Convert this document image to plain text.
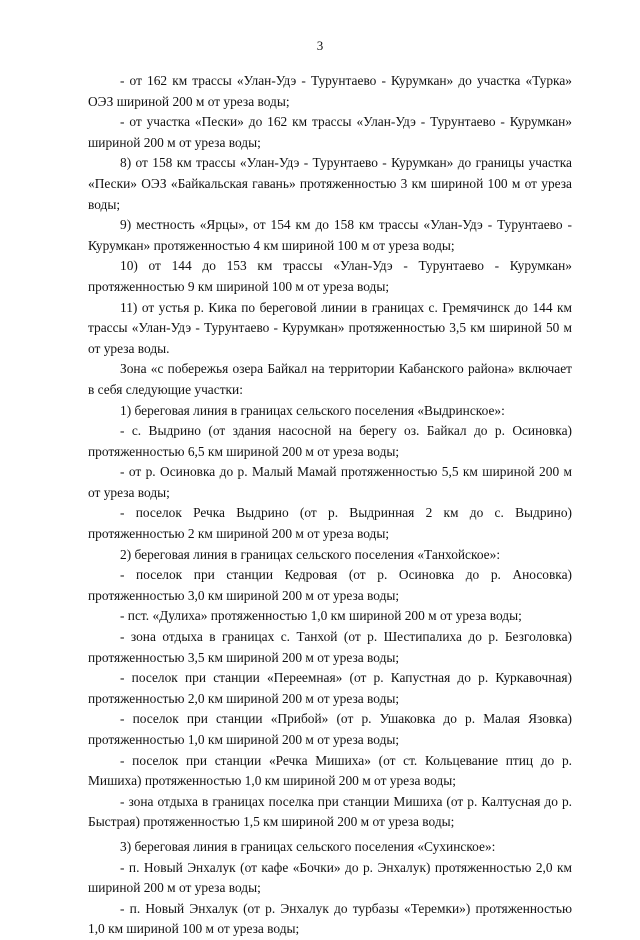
3

- от 162 км трассы «Улан-Удэ - Турунтаево - Курумкан» до участка «Турка» ОЭЗ шириной 200 м от уреза воды;

- от участка «Пески» до 162 км трассы «Улан-Удэ - Турунтаево - Курумкан» шириной 200 м от уреза воды;

8) от 158 км трассы «Улан-Удэ - Турунтаево - Курумкан» до границы участка «Пески» ОЭЗ «Байкальская гавань» протяженностью 3 км шириной 100 м от уреза воды;

9) местность «Ярцы», от 154 км до 158 км трассы «Улан-Удэ - Турунтаево - Курумкан» протяженностью 4 км шириной 100 м от уреза воды;

10) от 144 до 153 км трассы «Улан-Удэ - Турунтаево - Курумкан» протяженностью 9 км шириной 100 м от уреза воды;

11) от устья р. Кика по береговой линии в границах с. Гремячинск до 144 км трассы «Улан-Удэ - Турунтаево - Курумкан» протяженностью 3,5 км шириной 50 м от уреза воды.

Зона «с побережья озера Байкал на территории Кабанского района» включает в себя следующие участки:

1) береговая линия в границах сельского поселения «Выдринское»:

- с. Выдрино (от здания насосной на берегу оз. Байкал до р. Осиновка) протяженностью 6,5 км шириной 200 м от уреза воды;

- от р. Осиновка до р. Малый Мамай протяженностью 5,5 км шириной 200 м от уреза воды;

- поселок Речка Выдрино (от р. Выдринная 2 км до с. Выдрино) протяженностью 2 км шириной 200 м от уреза воды;

2) береговая линия в границах сельского поселения «Танхойское»:

- поселок при станции Кедровая (от р. Осиновка до р. Аносовка) протяженностью 3,0 км шириной 200 м от уреза воды;

- пст. «Дулиха» протяженностью 1,0 км шириной 200 м от уреза воды;

- зона отдыха в границах с. Танхой (от р. Шестипалиха до р. Безголовка) протяженностью 3,5 км шириной 200 м от уреза воды;

- поселок при станции «Переемная» (от р. Капустная до р. Куркавочная) протяженностью 2,0 км шириной 200 м от уреза воды;

- поселок при станции «Прибой» (от р. Ушаковка до р. Малая Язовка) протяженностью 1,0 км шириной 200 м от уреза воды;

- поселок при станции «Речка Мишиха» (от ст. Кольцевание птиц до р. Мишиха) протяженностью 1,0 км шириной 200 м от уреза воды;

- зона отдыха в границах поселка при станции Мишиха (от р. Калтусная до р. Быстрая) протяженностью 1,5 км шириной 200 м от уреза воды;

3) береговая линия в границах сельского поселения «Сухинское»:

- п. Новый Энхалук (от кафе «Бочки» до р. Энхалук) протяженностью 2,0 км шириной 200 м от уреза воды;

- п. Новый Энхалук (от р. Энхалук до турбазы «Теремки») протяженностью 1,0 км шириной 100 м от уреза воды;
